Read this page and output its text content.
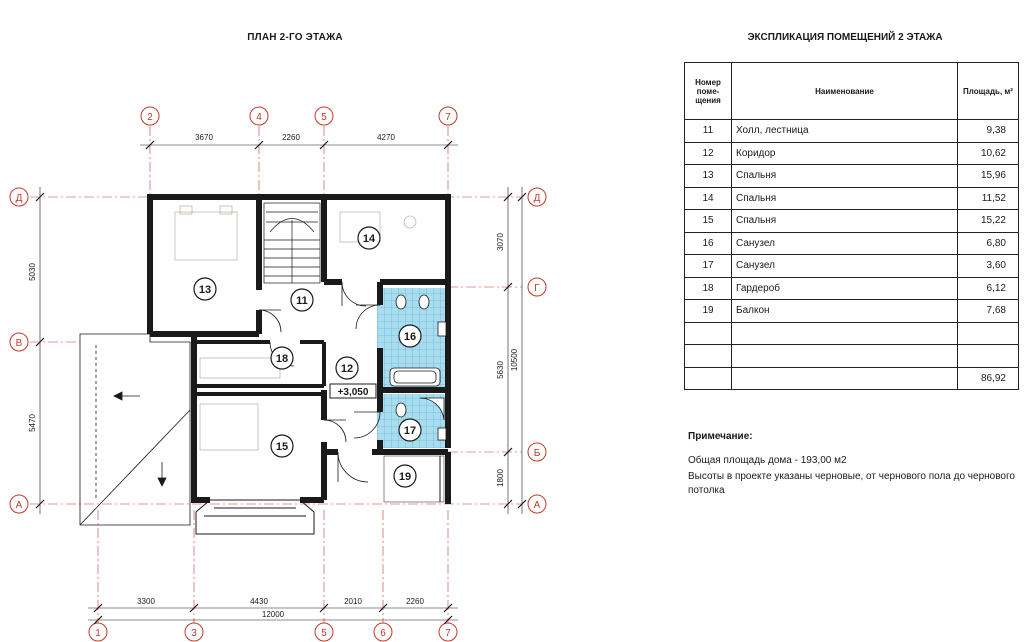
ПЛАН 2-ГО ЭТАЖА	ЭКСПЛИКАЦИЯ ПОМЕЩЕНИЙ 2 ЭТАЖА
2	4	5	7
1	3	5	6	7
Д
В
А
Д
Г
Б
А
3670	2260	4270
3300	4430	2010	2260
12000
5030
5470
3070
5630
1800
10500
11
12
13
14
15
16
17
18
19
+3,050
Номер поме-щения	Наименование	Площадь, м²
11	Холл, лестница	9,38
12	Коридор	10,62
13	Спальня	15,96
14	Спальня	11,52
15	Спальня	15,22
16	Санузел	6,80
17	Санузел	3,60
18	Гардероб	6,12
19	Балкон	7,68

		86,92
Примечание:
Общая площадь дома - 193,00 м2
Высоты в проекте указаны черновые, от чернового пола до чернового потолка
